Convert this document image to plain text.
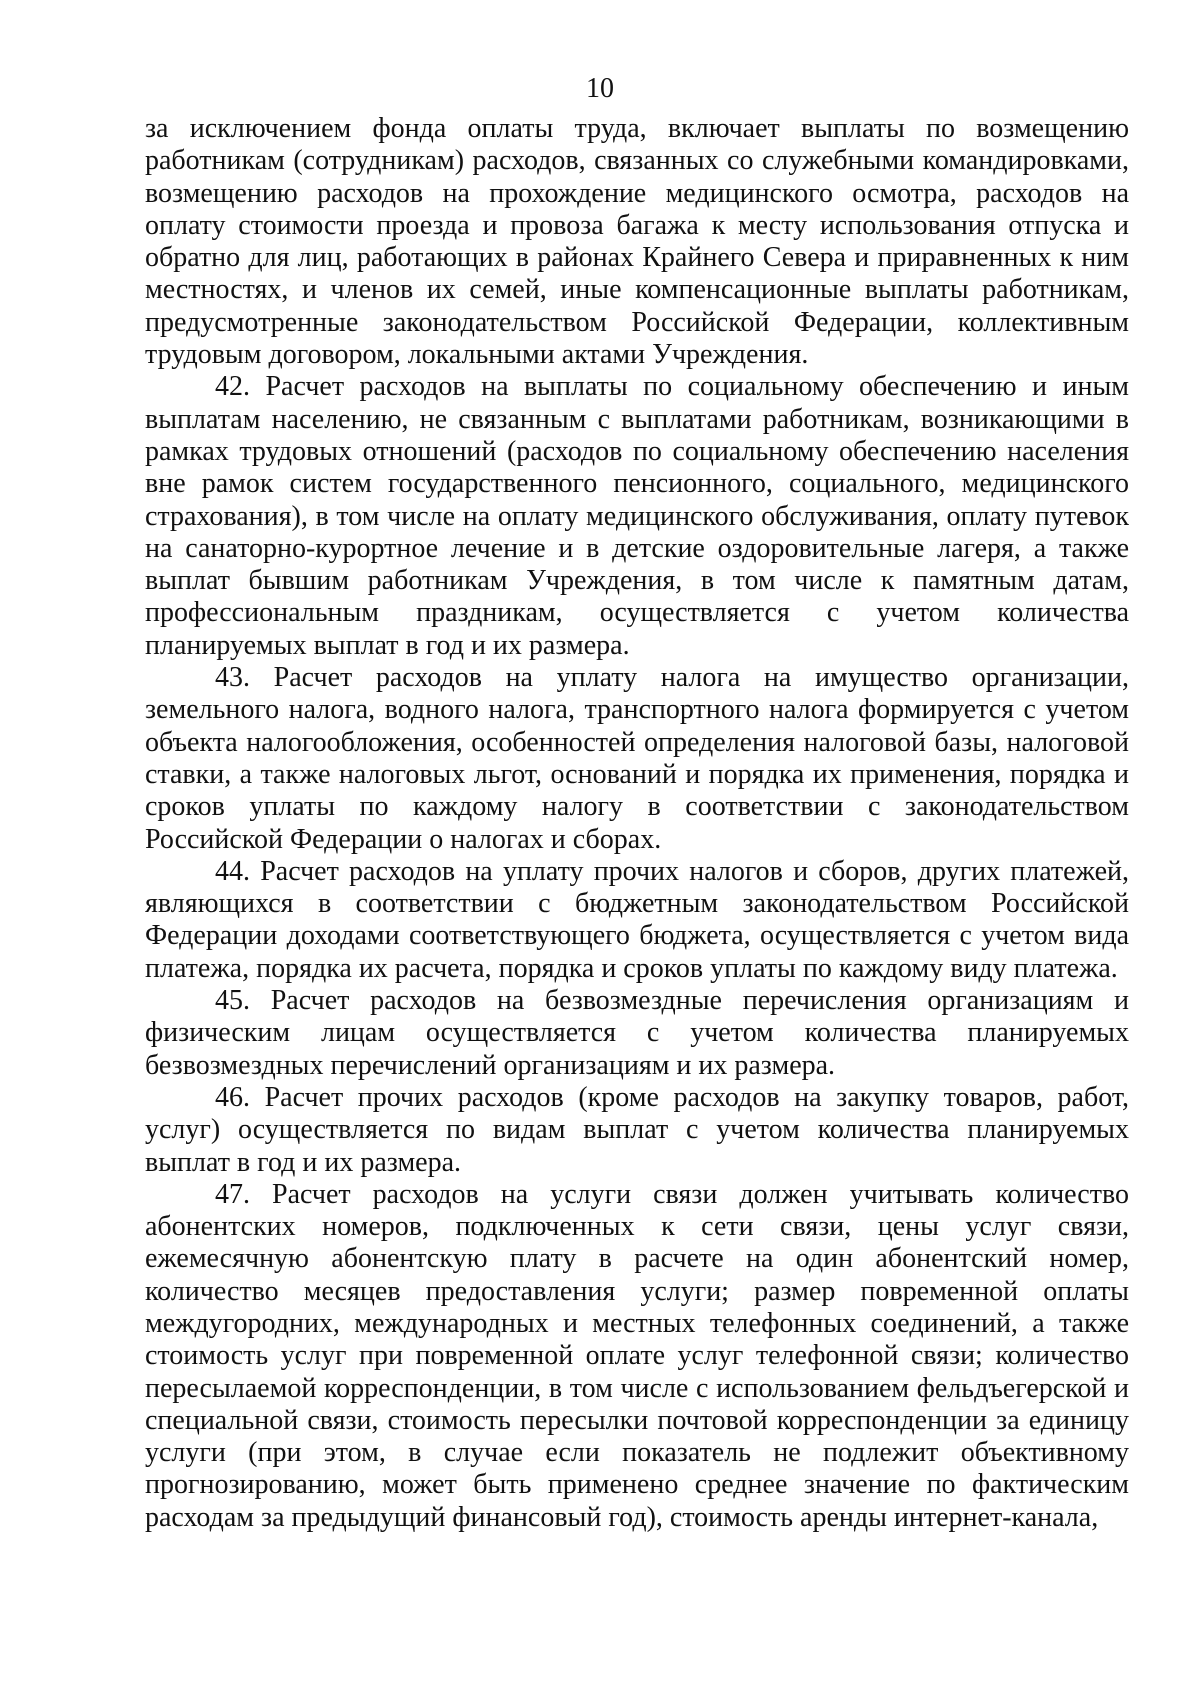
10

за исключением фонда оплаты труда, включает выплаты по возмещению работникам (сотрудникам) расходов, связанных со служебными командировками, возмещению расходов на прохождение медицинского осмотра, расходов на оплату стоимости проезда и провоза багажа к месту использования отпуска и обратно для лиц, работающих в районах Крайнего Севера и приравненных к ним местностях, и членов их семей, иные компенсационные выплаты работникам, предусмотренные законодательством Российской Федерации, коллективным трудовым договором, локальными актами Учреждения.

42. Расчет расходов на выплаты по социальному обеспечению и иным выплатам населению, не связанным с выплатами работникам, возникающими в рамках трудовых отношений (расходов по социальному обеспечению населения вне рамок систем государственного пенсионного, социального, медицинского страхования), в том числе на оплату медицинского обслуживания, оплату путевок на санаторно-курортное лечение и в детские оздоровительные лагеря, а также выплат бывшим работникам Учреждения, в том числе к памятным датам, профессиональным праздникам, осуществляется с учетом количества планируемых выплат в год и их размера.

43. Расчет расходов на уплату налога на имущество организации, земельного налога, водного налога, транспортного налога формируется с учетом объекта налогообложения, особенностей определения налоговой базы, налоговой ставки, а также налоговых льгот, оснований и порядка их применения, порядка и сроков уплаты по каждому налогу в соответствии с законодательством Российской Федерации о налогах и сборах.

44. Расчет расходов на уплату прочих налогов и сборов, других платежей, являющихся в соответствии с бюджетным законодательством Российской Федерации доходами соответствующего бюджета, осуществляется с учетом вида платежа, порядка их расчета, порядка и сроков уплаты по каждому виду платежа.

45. Расчет расходов на безвозмездные перечисления организациям и физическим лицам осуществляется с учетом количества планируемых безвозмездных перечислений организациям и их размера.

46. Расчет прочих расходов (кроме расходов на закупку товаров, работ, услуг) осуществляется по видам выплат с учетом количества планируемых выплат в год и их размера.

47. Расчет расходов на услуги связи должен учитывать количество абонентских номеров, подключенных к сети связи, цены услуг связи, ежемесячную абонентскую плату в расчете на один абонентский номер, количество месяцев предоставления услуги; размер повременной оплаты междугородних, международных и местных телефонных соединений, а также стоимость услуг при повременной оплате услуг телефонной связи; количество пересылаемой корреспонденции, в том числе с использованием фельдъегерской и специальной связи, стоимость пересылки почтовой корреспонденции за единицу услуги (при этом, в случае если показатель не подлежит объективному прогнозированию, может быть применено среднее значение по фактическим расходам за предыдущий финансовый год), стоимость аренды интернет-канала,
